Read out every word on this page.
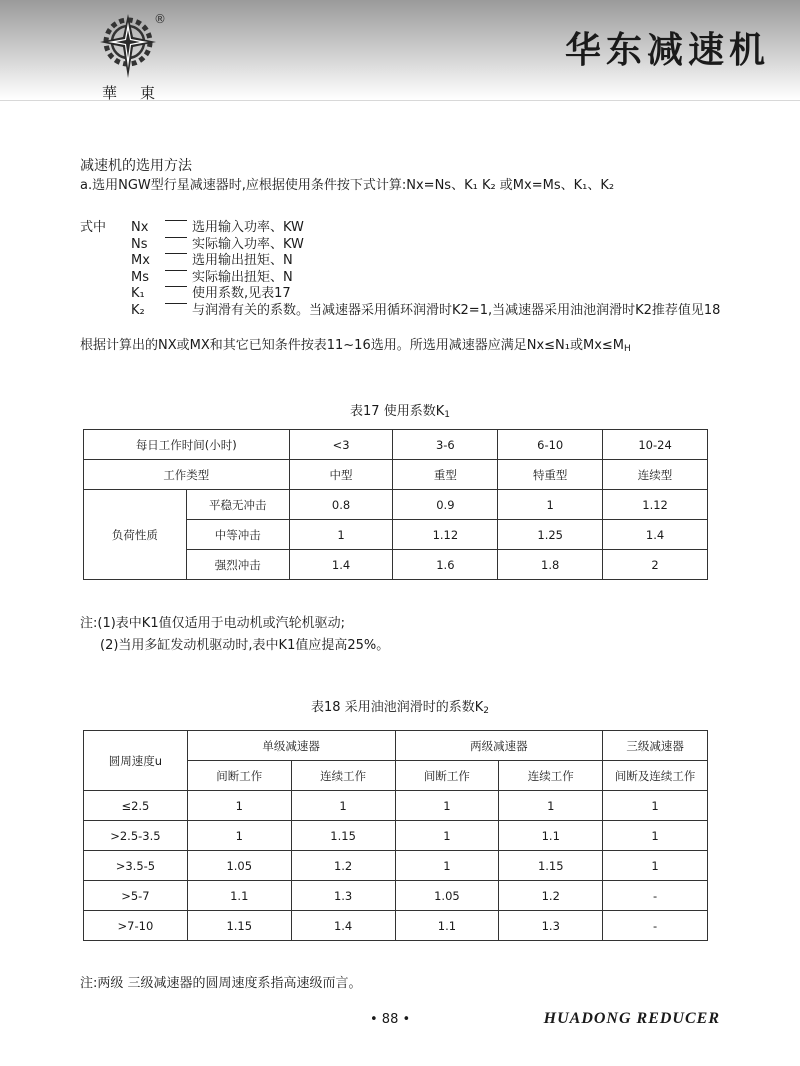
®
華 東
华东减速机
减速机的选用方法
a.选用NGW型行星减速器时,应根据使用条件按下式计算:Nx=Ns、K₁ K₂ 或Mx=Ms、K₁、K₂
式中	Nx	选用输入功率、KW
Ns	实际输入功率、KW
Mx	选用输出扭矩、N
Ms	实际输出扭矩、N
K₁	使用系数,见表17
K₂	与润滑有关的系数。当减速器采用循环润滑时K2=1,当减速器采用油池润滑时K2推荐值见18
根据计算出的NX或MX和其它已知条件按表11~16选用。所选用减速器应满足Nx≤N₁或$Mx\le M_H$
表17 使用系数$K_1$
每日工作时间(小时)		<3	3-6	6-10	10-24
工作类型		中型	重型	特重型	连续型
负荷性质	平稳无冲击	0.8	0.9	1	1.12
	中等冲击	1	1.12	1.25	1.4
	强烈冲击	1.4	1.6	1.8	2
注:(1)表中K1值仅适用于电动机或汽轮机驱动;
(2)当用多缸发动机驱动时,表中K1值应提高25%。
表18 采用油池润滑时的系数$K_2$
圆周速度u	单级减速器		两级减速器		三级减速器
	间断工作	连续工作	间断工作	连续工作	间断及连续工作
≤2.5	1	1	1	1	1
>2.5-3.5	1	1.15	1	1.1	1
>3.5-5	1.05	1.2	1	1.15	1
>5-7	1.1	1.3	1.05	1.2	-
>7-10	1.15	1.4	1.1	1.3	-
注:两级 三级减速器的圆周速度系指高速级而言。
• 88 •	HUADONG REDUCER
